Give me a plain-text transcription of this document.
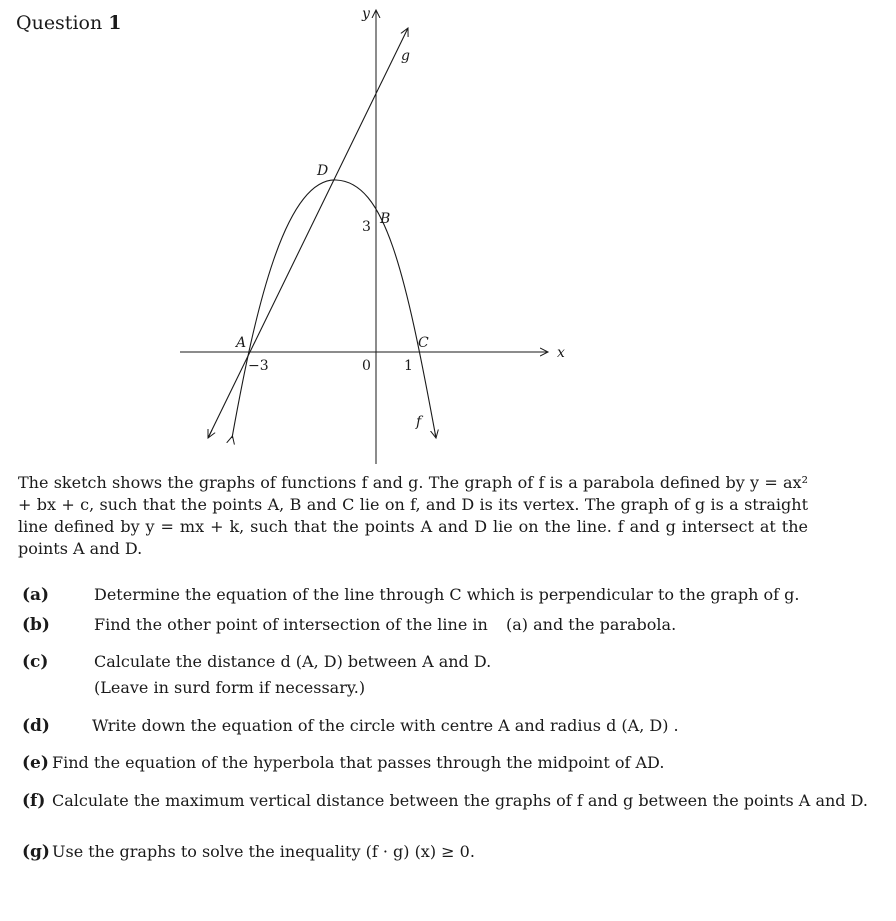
Question 1	y
x
g
f
D
B
A	C
3
−3	0 1
The sketch shows the graphs of functions f and g. The graph of f is a parabola defined by y = ax² + bx + c, such that the points A, B and C lie on f, and D is its vertex. The graph of g is a straight line defined by y = mx + k, such that the points A and D lie on the line. f and g intersect at the points A and D.
(a)	Determine the equation of the line through C which is perpendicular to the graph of g.
(b)	Find the other point of intersection of the line in (a) and the parabola.
(c)	Calculate the distance d (A, D) between A and D.
(Leave in surd form if necessary.)
(d)	Write down the equation of the circle with centre A and radius d (A, D) .
(e) Find the equation of the hyperbola that passes through the midpoint of AD.
(f) Calculate the maximum vertical distance between the graphs of f and g between the points A and D.
(g) Use the graphs to solve the inequality (f · g) (x) ≥ 0.
